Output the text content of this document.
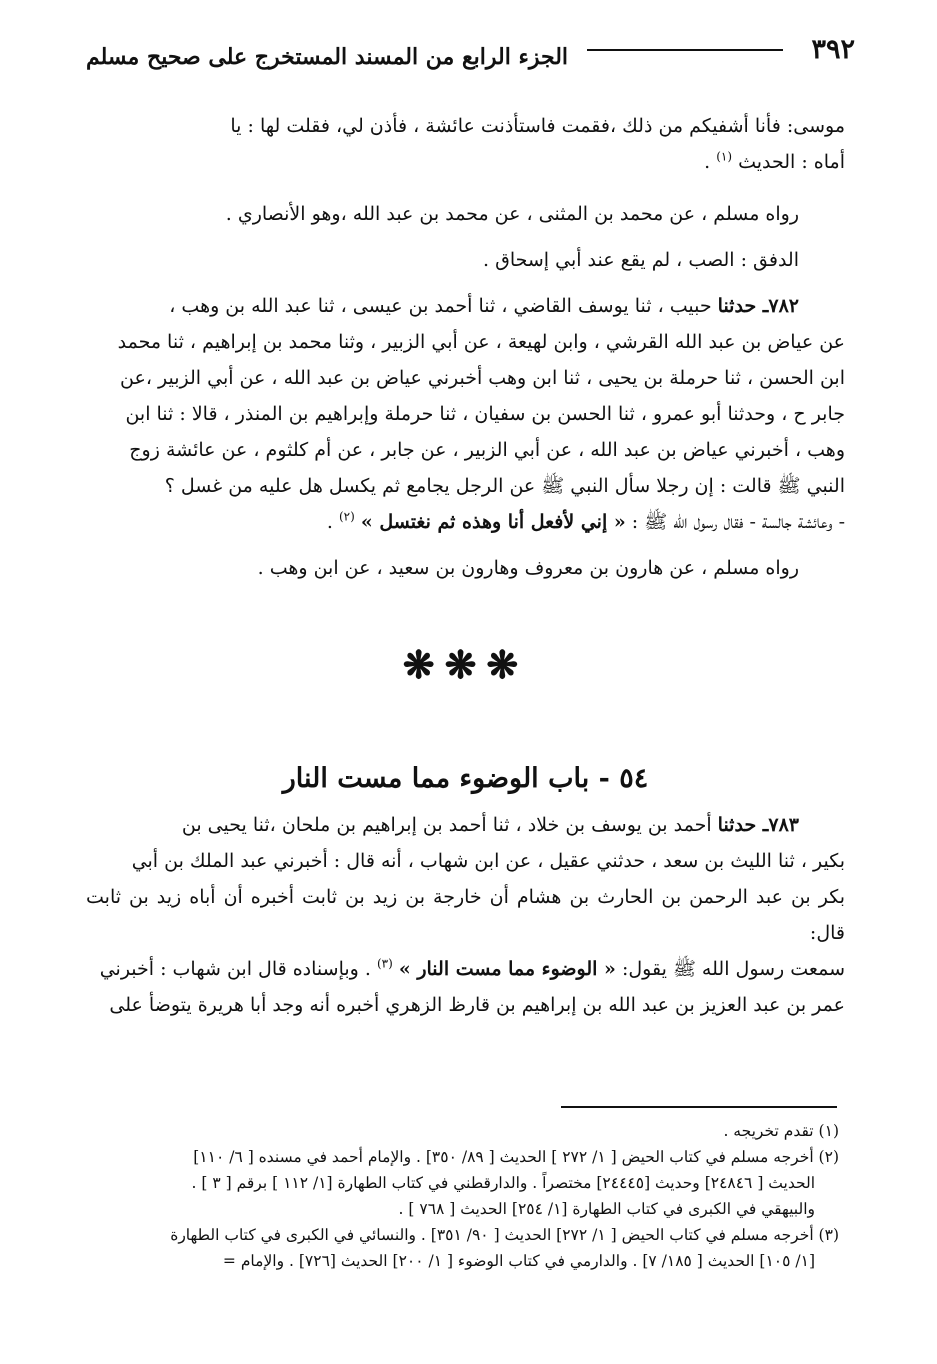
٣٩٢
الجزء الرابع من المسند المستخرج على صحيح مسلم

موسى: فأنا أشفيكم من ذلك ،فقمت فاستأذنت عائشة ، فأذن لي، فقلت لها : يا

أماه : الحديث $^{(١)}$ .

رواه مسلم ، عن محمد بن المثنى ، عن محمد بن عبد الله ،وهو الأنصاري .

الدفق : الصب ، لم يقع عند أبي إسحاق .

٧٨٢ـ حدثنا حبيب ، ثنا يوسف القاضي ، ثنا أحمد بن عيسى ، ثنا عبد الله بن وهب ،

عن عياض بن عبد الله القرشي ، وابن لهيعة ، عن أبي الزبير ، وثنا محمد بن إبراهيم ، ثنا محمد

ابن الحسن ، ثنا حرملة بن يحيى ، ثنا ابن وهب أخبرني عياض بن عبد الله ، عن أبي الزبير ،عن

جابر ح ، وحدثنا أبو عمرو ، ثنا الحسن بن سفيان ، ثنا حرملة وإبراهيم بن المنذر ، قالا : ثنا ابن

وهب ، أخبرني عياض بن عبد الله ، عن أبي الزبير ، عن جابر ، عن أم كلثوم ، عن عائشة زوج

النبي ﷺ قالت : إن رجلا سأل النبي ﷺ عن الرجل يجامع ثم يكسل هل عليه من غسل ؟

- وعائشة جالسة - فقال رسول الله ﷺ : « إني لأفعل أنا وهذه ثم نغتسل » $^{(٢)}$ .

رواه مسلم ، عن هارون بن معروف وهارون بن سعيد ، عن ابن وهب .

❋❋❋
٥٤ - باب الوضوء مما مست النار

٧٨٣ـ حدثنا أحمد بن يوسف بن خلاد ، ثنا أحمد بن إبراهيم بن ملحان ،ثنا يحيى بن

بكير ، ثنا الليث بن سعد ، حدثني عقيل ، عن ابن شهاب ، أنه قال : أخبرني عبد الملك بن أبي

بكر بن عبد الرحمن بن الحارث بن هشام أن خارجة بن زيد بن ثابت أخبره أن أباه زيد بن ثابت قال:

سمعت رسول الله ﷺ يقول: « الوضوء مما مست النار » $^{(٣)}$ . وبإسناده قال ابن شهاب : أخبرني

عمر بن عبد العزيز بن عبد الله بن إبراهيم بن قارظ الزهري أخبره أنه وجد أبا هريرة يتوضأ على

(١) تقدم تخريجه .

(٢) أخرجه مسلم في كتاب الحيض [ ١/ ٢٧٢ ] الحديث [ ٨٩/ ٣٥٠] . والإمام أحمد في مسنده [ ٦/ ١١٠]

الحديث [ ٢٤٨٤٦] وحديث [٢٤٤٤٥] مختصراً . والدارقطني في كتاب الطهارة [١/ ١١٢ ] برقم [ ٣ ] .

والبيهقي في الكبرى في كتاب الطهارة [١/ ٢٥٤] الحديث [ ٧٦٨ ] .

(٣) أخرجه مسلم في كتاب الحيض [ ١/ ٢٧٢] الحديث [ ٩٠/ ٣٥١] . والنسائي في الكبرى في كتاب الطهارة

[١/ ١٠٥] الحديث [ ١٨٥/ ٧] . والدارمي في كتاب الوضوء [ ١/ ٢٠٠] الحديث [٧٢٦] . والإمام =
